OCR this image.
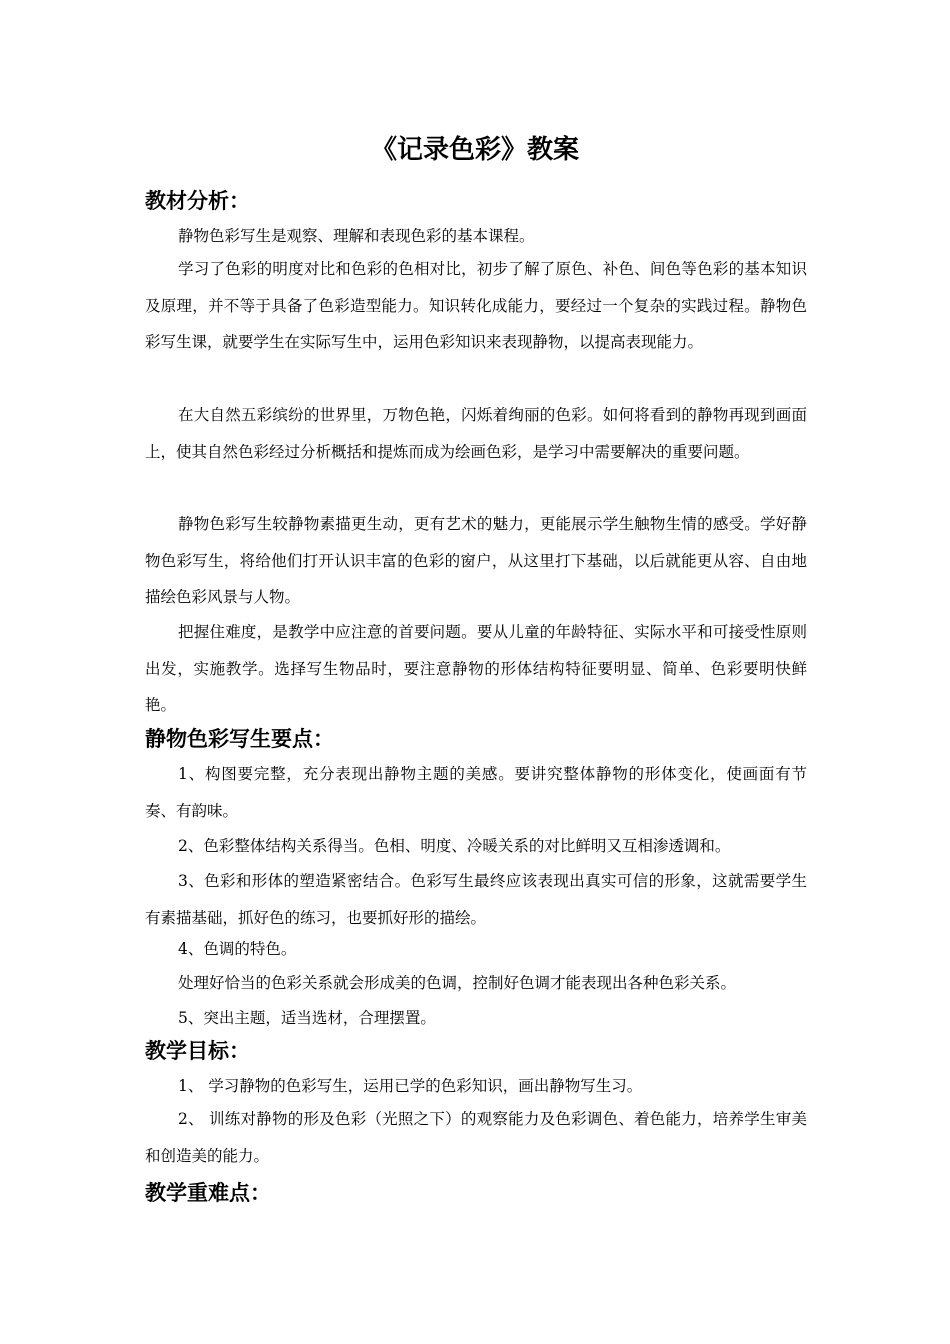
《记录色彩》教案
教材分析：

静物色彩写生是观察、理解和表现色彩的基本课程。

学习了色彩的明度对比和色彩的色相对比，初步了解了原色、补色、间色等色彩的基本知识及原理，并不等于具备了色彩造型能力。知识转化成能力，要经过一个复杂的实践过程。静物色彩写生课，就要学生在实际写生中，运用色彩知识来表现静物，以提高表现能力。

在大自然五彩缤纷的世界里，万物色艳，闪烁着绚丽的色彩。如何将看到的静物再现到画面上，使其自然色彩经过分析概括和提炼而成为绘画色彩，是学习中需要解决的重要问题。

静物色彩写生较静物素描更生动，更有艺术的魅力，更能展示学生触物生情的感受。学好静物色彩写生，将给他们打开认识丰富的色彩的窗户，从这里打下基础，以后就能更从容、自由地描绘色彩风景与人物。

把握住难度，是教学中应注意的首要问题。要从儿童的年龄特征、实际水平和可接受性原则出发，实施教学。选择写生物品时，要注意静物的形体结构特征要明显、简单、色彩要明快鲜艳。

静物色彩写生要点：

1、构图要完整，充分表现出静物主题的美感。要讲究整体静物的形体变化，使画面有节奏、有韵味。

2、色彩整体结构关系得当。色相、明度、冷暖关系的对比鲜明又互相渗透调和。

3、色彩和形体的塑造紧密结合。色彩写生最终应该表现出真实可信的形象，这就需要学生有素描基础，抓好色的练习，也要抓好形的描绘。

4、色调的特色。

处理好恰当的色彩关系就会形成美的色调，控制好色调才能表现出各种色彩关系。

5、突出主题，适当选材，合理摆置。

教学目标：

1、 学习静物的色彩写生，运用已学的色彩知识，画出静物写生习。

2、 训练对静物的形及色彩（光照之下）的观察能力及色彩调色、着色能力，培养学生审美和创造美的能力。

教学重难点：
